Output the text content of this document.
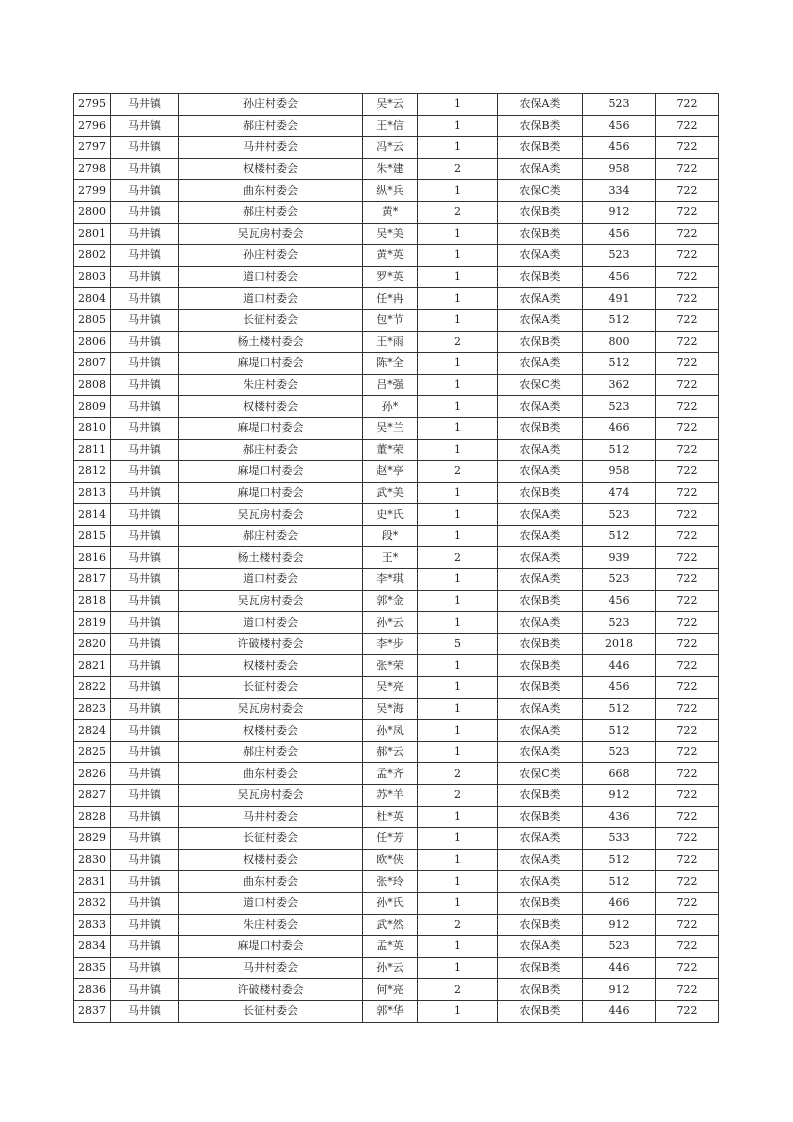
2795	马井镇	孙庄村委会	吴*云	1	农保A类	523	722
2796	马井镇	郝庄村委会	王*信	1	农保B类	456	722
2797	马井镇	马井村委会	冯*云	1	农保B类	456	722
2798	马井镇	权楼村委会	朱*建	2	农保A类	958	722
2799	马井镇	曲东村委会	纵*兵	1	农保C类	334	722
2800	马井镇	郝庄村委会	黄*	2	农保B类	912	722
2801	马井镇	吴瓦房村委会	吴*美	1	农保B类	456	722
2802	马井镇	孙庄村委会	黄*英	1	农保A类	523	722
2803	马井镇	道口村委会	罗*英	1	农保B类	456	722
2804	马井镇	道口村委会	任*冉	1	农保A类	491	722
2805	马井镇	长征村委会	包*节	1	农保A类	512	722
2806	马井镇	杨土楼村委会	王*雨	2	农保B类	800	722
2807	马井镇	麻堤口村委会	陈*全	1	农保A类	512	722
2808	马井镇	朱庄村委会	吕*强	1	农保C类	362	722
2809	马井镇	权楼村委会	孙*	1	农保A类	523	722
2810	马井镇	麻堤口村委会	吴*兰	1	农保B类	466	722
2811	马井镇	郝庄村委会	董*荣	1	农保A类	512	722
2812	马井镇	麻堤口村委会	赵*亭	2	农保A类	958	722
2813	马井镇	麻堤口村委会	武*美	1	农保B类	474	722
2814	马井镇	吴瓦房村委会	史*氏	1	农保A类	523	722
2815	马井镇	郝庄村委会	段*	1	农保A类	512	722
2816	马井镇	杨土楼村委会	王*	2	农保A类	939	722
2817	马井镇	道口村委会	李*琪	1	农保A类	523	722
2818	马井镇	吴瓦房村委会	郭*金	1	农保B类	456	722
2819	马井镇	道口村委会	孙*云	1	农保A类	523	722
2820	马井镇	许破楼村委会	李*步	5	农保B类	2018	722
2821	马井镇	权楼村委会	张*荣	1	农保B类	446	722
2822	马井镇	长征村委会	吴*亮	1	农保B类	456	722
2823	马井镇	吴瓦房村委会	吴*海	1	农保A类	512	722
2824	马井镇	权楼村委会	孙*凤	1	农保A类	512	722
2825	马井镇	郝庄村委会	郝*云	1	农保A类	523	722
2826	马井镇	曲东村委会	孟*齐	2	农保C类	668	722
2827	马井镇	吴瓦房村委会	苏*羊	2	农保B类	912	722
2828	马井镇	马井村委会	杜*英	1	农保B类	436	722
2829	马井镇	长征村委会	任*芳	1	农保A类	533	722
2830	马井镇	权楼村委会	欧*侠	1	农保A类	512	722
2831	马井镇	曲东村委会	张*玲	1	农保A类	512	722
2832	马井镇	道口村委会	孙*氏	1	农保B类	466	722
2833	马井镇	朱庄村委会	武*然	2	农保B类	912	722
2834	马井镇	麻堤口村委会	孟*英	1	农保A类	523	722
2835	马井镇	马井村委会	孙*云	1	农保B类	446	722
2836	马井镇	许破楼村委会	何*亮	2	农保B类	912	722
2837	马井镇	长征村委会	郭*华	1	农保B类	446	722
